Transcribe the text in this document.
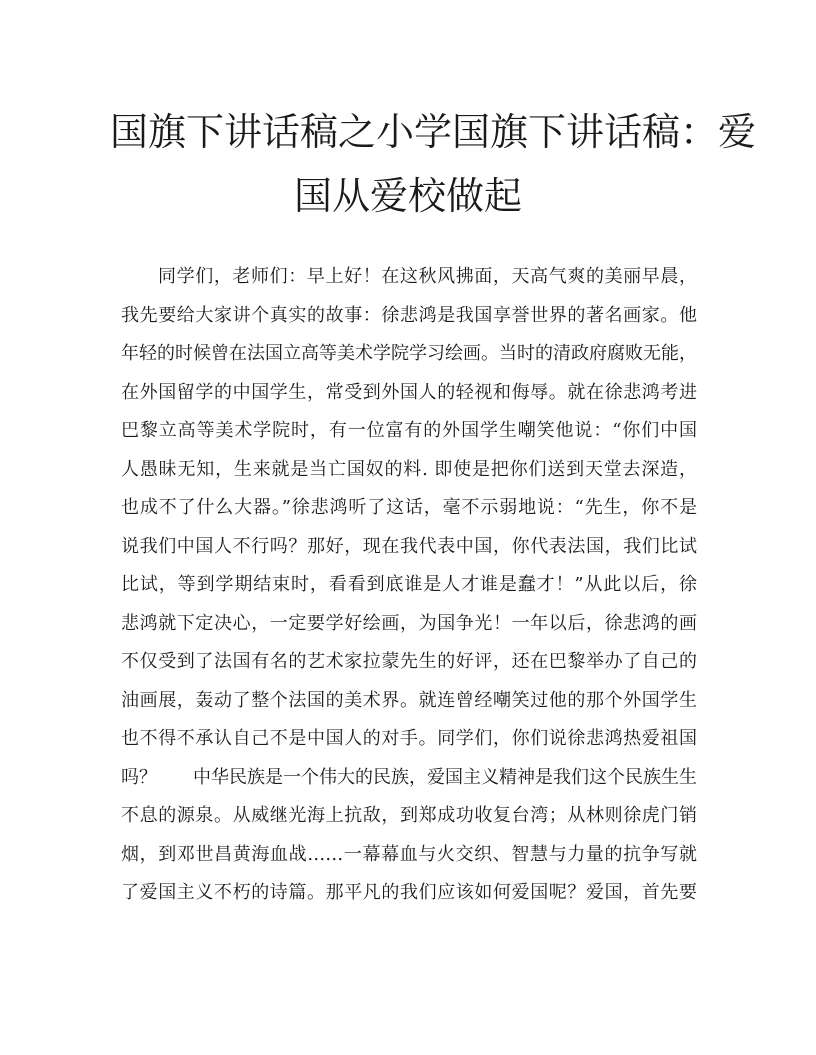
国旗下讲话稿之小学国旗下讲话稿：爱
国从爱校做起
同学们，老师们：早上好！在这秋风拂面，天高气爽的美丽早晨，
我先要给大家讲个真实的故事：徐悲鸿是我国享誉世界的著名画家。他
年轻的时候曾在法国立高等美术学院学习绘画。当时的清政府腐败无能，
在外国留学的中国学生，常受到外国人的轻视和侮辱。就在徐悲鸿考进
巴黎立高等美术学院时，有一位富有的外国学生嘲笑他说：“你们中国
人愚昧无知，生来就是当亡国奴的料. 即使是把你们送到天堂去深造，
也成不了什么大器。”徐悲鸿听了这话，毫不示弱地说：“先生，你不是
说我们中国人不行吗？那好，现在我代表中国，你代表法国，我们比试
比试，等到学期结束时，看看到底谁是人才谁是蠢才！”从此以后，徐
悲鸿就下定决心，一定要学好绘画，为国争光！一年以后，徐悲鸿的画
不仅受到了法国有名的艺术家拉蒙先生的好评，还在巴黎举办了自己的
油画展，轰动了整个法国的美术界。就连曾经嘲笑过他的那个外国学生
也不得不承认自己不是中国人的对手。同学们，你们说徐悲鸿热爱祖国
吗？　　中华民族是一个伟大的民族，爱国主义精神是我们这个民族生生
不息的源泉。从威继光海上抗敌，到郑成功收复台湾；从林则徐虎门销
烟，到邓世昌黄海血战……一幕幕血与火交织、智慧与力量的抗争写就
了爱国主义不朽的诗篇。那平凡的我们应该如何爱国呢？爱国，首先要
